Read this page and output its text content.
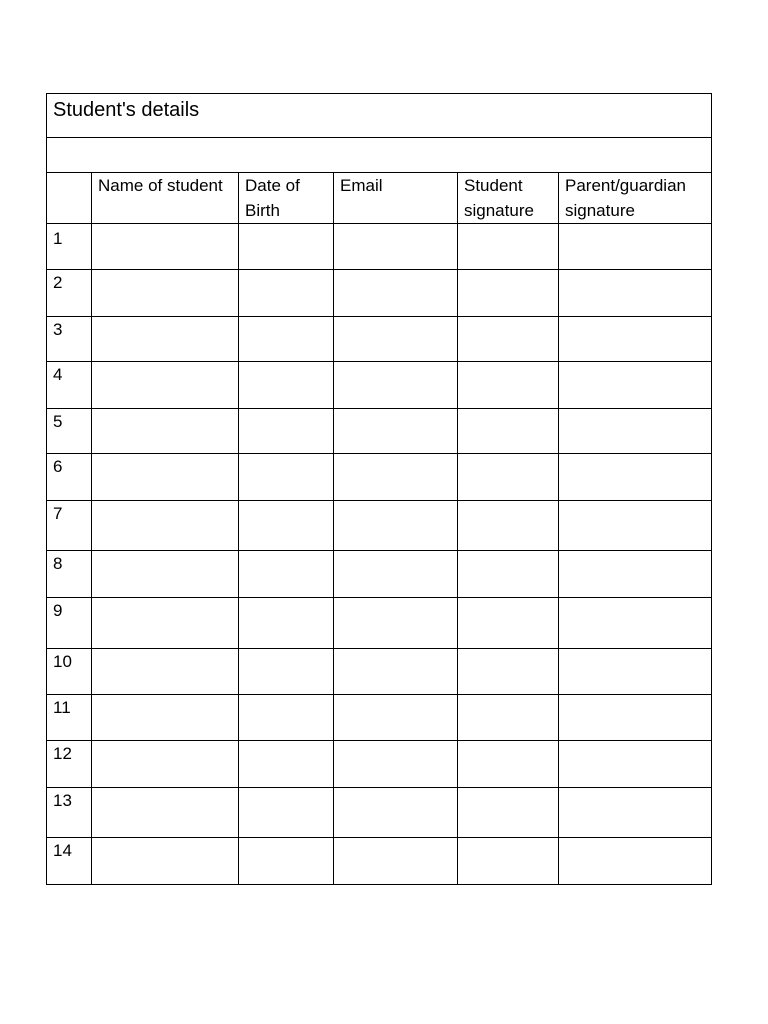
Student's details					

	Name of student	Date of Birth	Email	Student signature	Parent/guardian signature
1					
2					
3					
4					
5					
6					
7					
8					
9					
10					
11					
12					
13					
14					
